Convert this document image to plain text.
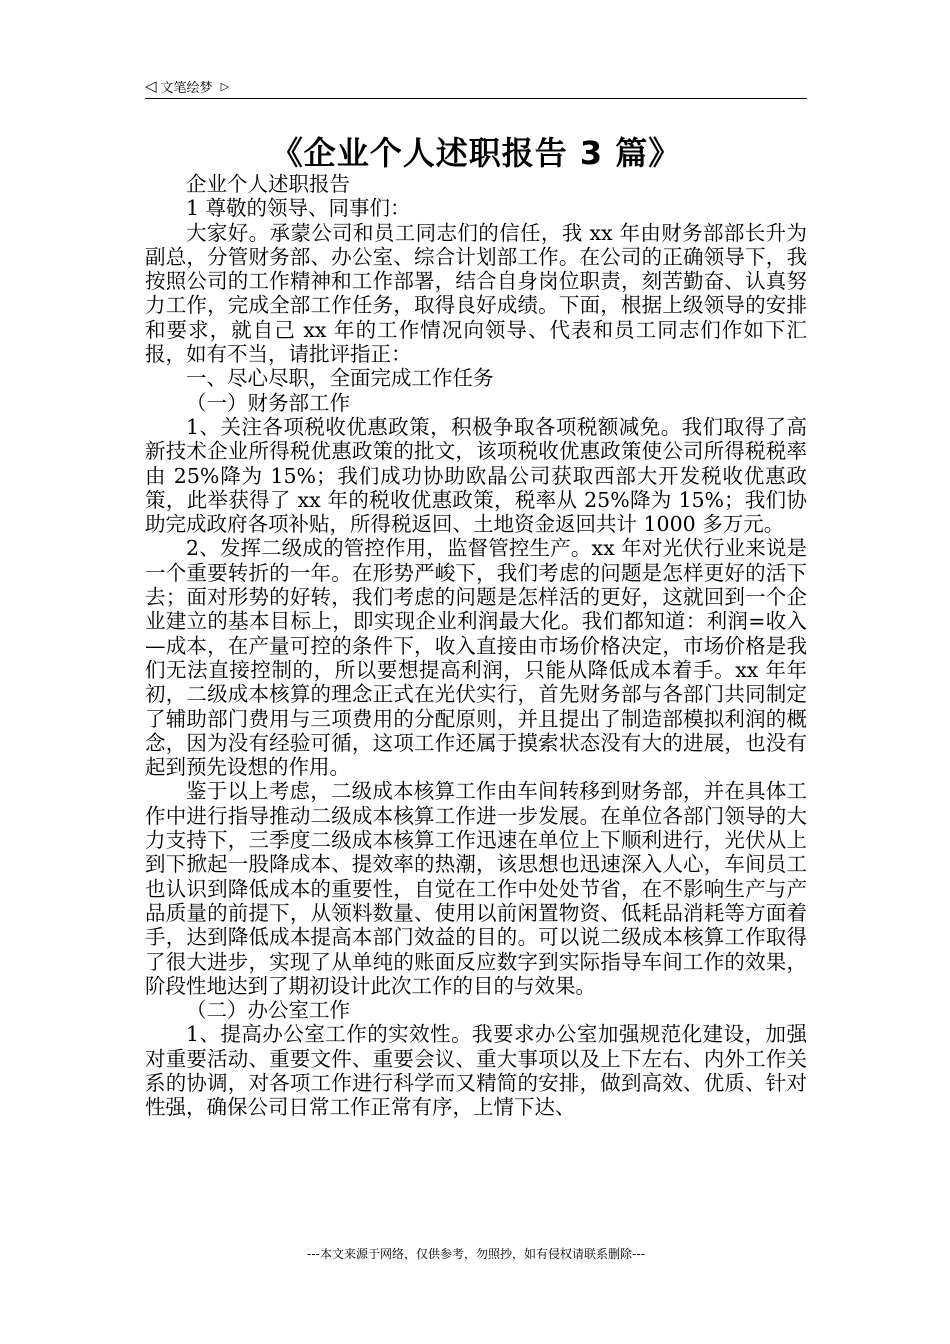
◁ 文笔绘梦 ▷
《企业个人述职报告 3 篇》

企业个人述职报告

1 尊敬的领导、同事们：

大家好。承蒙公司和员工同志们的信任，我 xx 年由财务部部长升为副总，分管财务部、办公室、综合计划部工作。在公司的正确领导下，我按照公司的工作精神和工作部署，结合自身岗位职责，刻苦勤奋、认真努力工作，完成全部工作任务，取得良好成绩。下面，根据上级领导的安排和要求，就自己 xx 年的工作情况向领导、代表和员工同志们作如下汇报，如有不当，请批评指正：

一、尽心尽职，全面完成工作任务

（一）财务部工作

1、关注各项税收优惠政策，积极争取各项税额减免。我们取得了高新技术企业所得税优惠政策的批文，该项税收优惠政策使公司所得税税率由 25%降为 15%；我们成功协助欧晶公司获取西部大开发税收优惠政策，此举获得了 xx 年的税收优惠政策，税率从 25%降为 15%；我们协助完成政府各项补贴，所得税返回、土地资金返回共计 1000 多万元。

2、发挥二级成的管控作用，监督管控生产。xx 年对光伏行业来说是一个重要转折的一年。在形势严峻下，我们考虑的问题是怎样更好的活下去；面对形势的好转，我们考虑的问题是怎样活的更好，这就回到一个企业建立的基本目标上，即实现企业利润最大化。我们都知道：利润=收入—成本，在产量可控的条件下，收入直接由市场价格决定，市场价格是我们无法直接控制的，所以要想提高利润，只能从降低成本着手。xx 年年初，二级成本核算的理念正式在光伏实行，首先财务部与各部门共同制定了辅助部门费用与三项费用的分配原则，并且提出了制造部模拟利润的概念，因为没有经验可循，这项工作还属于摸索状态没有大的进展，也没有起到预先设想的作用。

鉴于以上考虑，二级成本核算工作由车间转移到财务部，并在具体工作中进行指导推动二级成本核算工作进一步发展。在单位各部门领导的大力支持下，三季度二级成本核算工作迅速在单位上下顺利进行，光伏从上到下掀起一股降成本、提效率的热潮，该思想也迅速深入人心，车间员工也认识到降低成本的重要性，自觉在工作中处处节省，在不影响生产与产品质量的前提下，从领料数量、使用以前闲置物资、低耗品消耗等方面着手，达到降低成本提高本部门效益的目的。可以说二级成本核算工作取得了很大进步，实现了从单纯的账面反应数字到实际指导车间工作的效果，阶段性地达到了期初设计此次工作的目的与效果。

（二）办公室工作

1、提高办公室工作的实效性。我要求办公室加强规范化建设，加强对重要活动、重要文件、重要会议、重大事项以及上下左右、内外工作关系的协调，对各项工作进行科学而又精简的安排，做到高效、优质、针对性强，确保公司日常工作正常有序，上情下达、

---本文来源于网络，仅供参考，勿照抄，如有侵权请联系删除---
